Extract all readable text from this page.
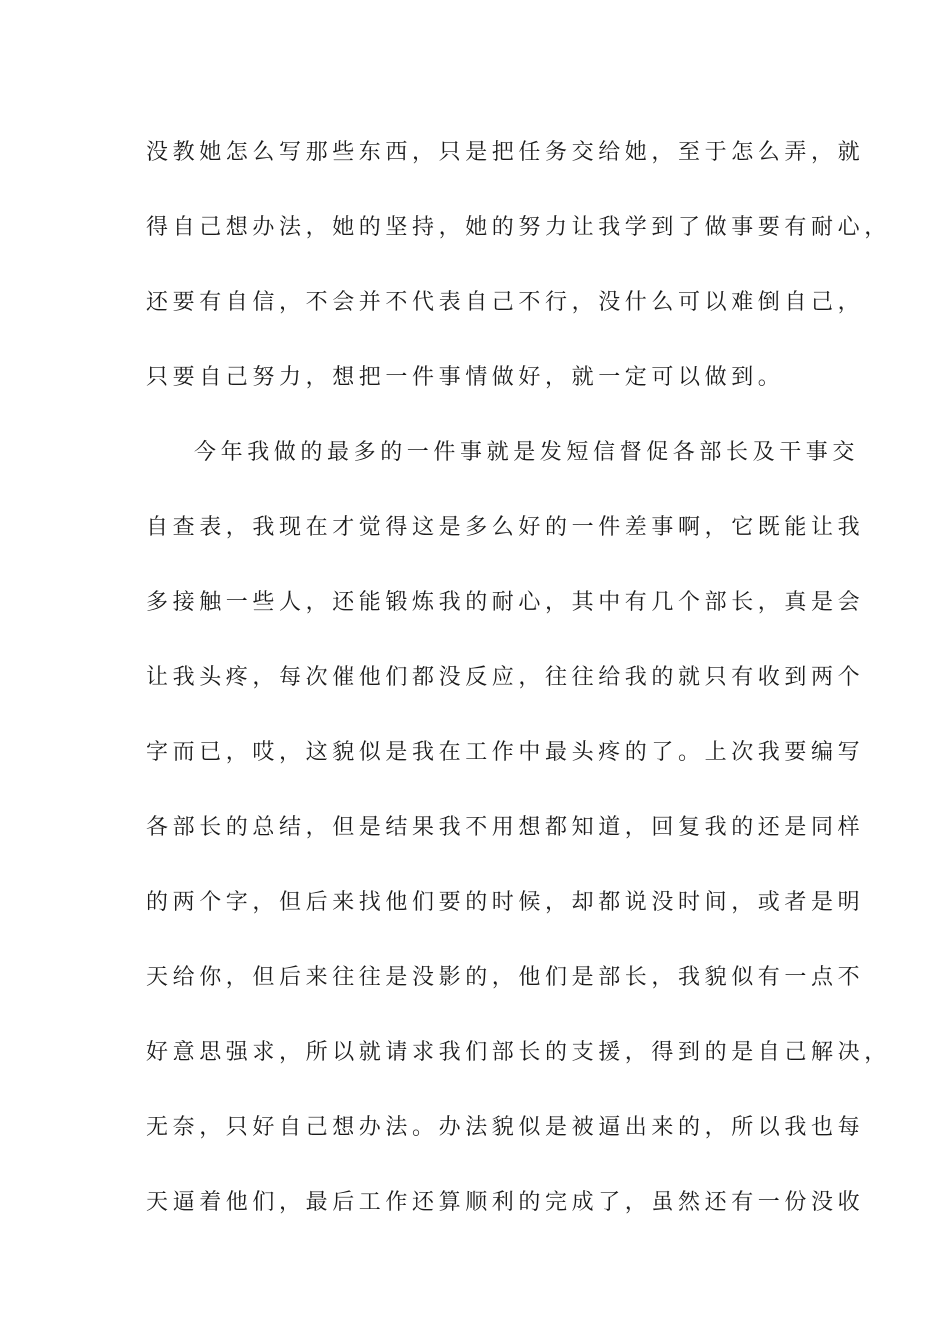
没教她怎么写那些东西，只是把任务交给她，至于怎么弄，就
得自己想办法，她的坚持，她的努力让我学到了做事要有耐心，
还要有自信，不会并不代表自己不行，没什么可以难倒自己，
只要自己努力，想把一件事情做好，就一定可以做到。
今年我做的最多的一件事就是发短信督促各部长及干事交
自查表，我现在才觉得这是多么好的一件差事啊，它既能让我
多接触一些人，还能锻炼我的耐心，其中有几个部长，真是会
让我头疼，每次催他们都没反应，往往给我的就只有收到两个
字而已，哎，这貌似是我在工作中最头疼的了。上次我要编写
各部长的总结，但是结果我不用想都知道，回复我的还是同样
的两个字，但后来找他们要的时候，却都说没时间，或者是明
天给你，但后来往往是没影的，他们是部长，我貌似有一点不
好意思强求，所以就请求我们部长的支援，得到的是自己解决，
无奈，只好自己想办法。办法貌似是被逼出来的，所以我也每
天逼着他们，最后工作还算顺利的完成了，虽然还有一份没收
